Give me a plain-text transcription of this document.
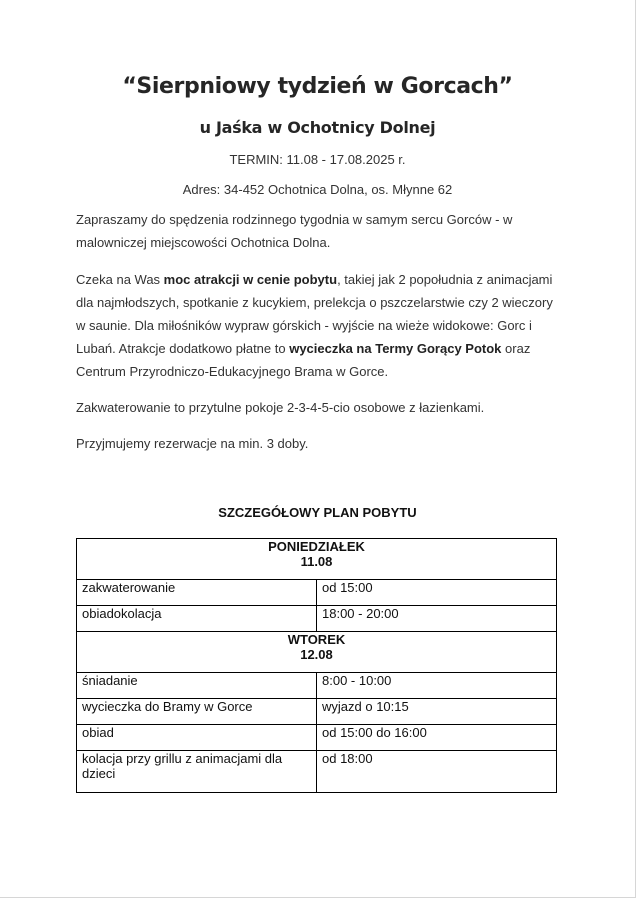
“Sierpniowy tydzień w Gorcach”
u Jaśka w Ochotnicy Dolnej
TERMIN: 11.08 - 17.08.2025 r.
Adres: 34-452 Ochotnica Dolna, os. Młynne 62

Zapraszamy do spędzenia rodzinnego tygodnia w samym sercu Gorców - w malowniczej miejscowości Ochotnica Dolna.

Czeka na Was moc atrakcji w cenie pobytu, takiej jak 2 popołudnia z animacjami dla najmłodszych, spotkanie z kucykiem, prelekcja o pszczelarstwie czy 2 wieczory w saunie. Dla miłośników wypraw górskich - wyjście na wieże widokowe: Gorc i Lubań. Atrakcje dodatkowo płatne to wycieczka na Termy Gorący Potok oraz Centrum Przyrodniczo-Edukacyjnego Brama w Gorce.

Zakwaterowanie to przytulne pokoje 2-3-4-5-cio osobowe z łazienkami.

Przyjmujemy rezerwacje na min. 3 doby.

SZCZEGÓŁOWY PLAN POBYTU
PONIEDZIAŁEK
11.08	

zakwaterowanie	od 15:00
obiadokolacja	18:00 - 20:00

WTOREK
12.08	

śniadanie	8:00 - 10:00
wycieczka do Bramy w Gorce	wyjazd o 10:15
obiad	od 15:00 do 16:00
kolacja przy grillu z animacjami dla dzieci	od 18:00
